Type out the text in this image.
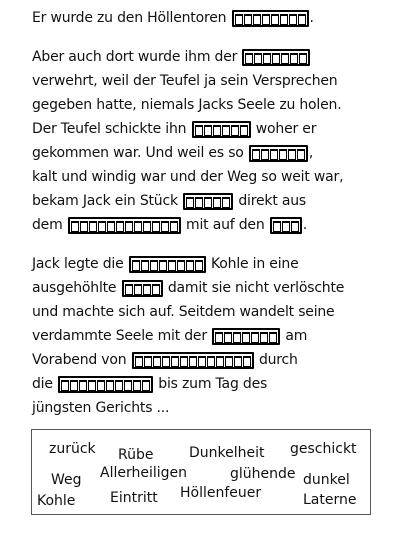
Er wurde zu den Höllentoren	.

Aber auch dort wurde ihm der
verwehrt, weil der Teufel ja sein Versprechen
gegeben hatte, niemals Jacks Seele zu holen.
Der Teufel schickte ihn	woher er
gekommen war. Und weil es so	,
kalt und windig war und der Weg so weit war,
bekam Jack ein Stück	direkt aus
dem	mit auf den
.

Jack legte die	Kohle in eine
ausgehöhlte	damit sie nicht verlöschte
und machte sich auf. Seitdem wandelt seine
verdammte Seele mit der	am
Vorabend von	durch
die	bis zum Tag des
jüngsten Gerichts ...

zurück Rübe	Dunkelheit geschickt
Weg Allerheiligen	glühende dunkel
Kohle Eintritt Höllenfeuer	Laterne
